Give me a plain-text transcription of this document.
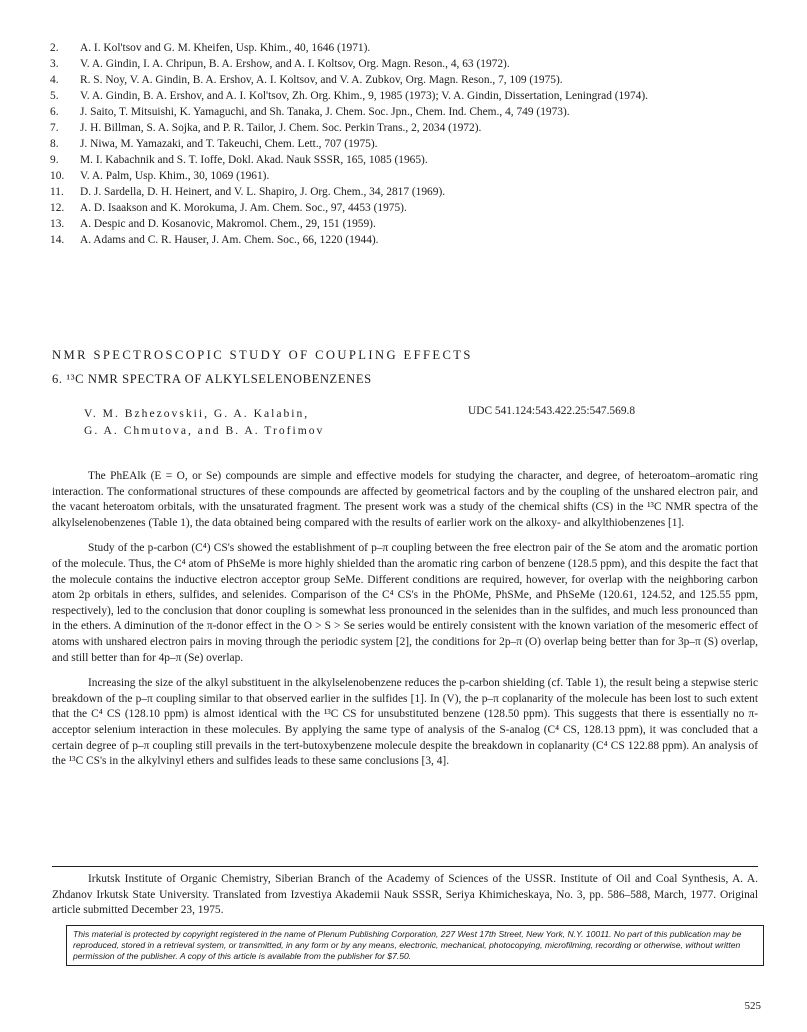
2.	A. I. Kol'tsov and G. M. Kheifen, Usp. Khim., 40, 1646 (1971).
3.	V. A. Gindin, I. A. Chripun, B. A. Ershow, and A. I. Koltsov, Org. Magn. Reson., 4, 63 (1972).
4.	R. S. Noy, V. A. Gindin, B. A. Ershov, A. I. Koltsov, and V. A. Zubkov, Org. Magn. Reson., 7, 109 (1975).
5.	V. A. Gindin, B. A. Ershov, and A. I. Kol'tsov, Zh. Org. Khim., 9, 1985 (1973); V. A. Gindin, Dissertation, Leningrad (1974).
6.	J. Saito, T. Mitsuishi, K. Yamaguchi, and Sh. Tanaka, J. Chem. Soc. Jpn., Chem. Ind. Chem., 4, 749 (1973).
7.	J. H. Billman, S. A. Sojka, and P. R. Tailor, J. Chem. Soc. Perkin Trans., 2, 2034 (1972).
8.	J. Niwa, M. Yamazaki, and T. Takeuchi, Chem. Lett., 707 (1975).
9.	M. I. Kabachnik and S. T. Ioffe, Dokl. Akad. Nauk SSSR, 165, 1085 (1965).
10.	V. A. Palm, Usp. Khim., 30, 1069 (1961).
11.	D. J. Sardella, D. H. Heinert, and V. L. Shapiro, J. Org. Chem., 34, 2817 (1969).
12.	A. D. Isaakson and K. Morokuma, J. Am. Chem. Soc., 97, 4453 (1975).
13.	A. Despic and D. Kosanovic, Makromol. Chem., 29, 151 (1959).
14.	A. Adams and C. R. Hauser, J. Am. Chem. Soc., 66, 1220 (1944).
NMR SPECTROSCOPIC STUDY OF COUPLING EFFECTS
6. ¹³C NMR SPECTRA OF ALKYLSELENOBENZENES
V. M. Bzhezovskii, G. A. Kalabin,
G. A. Chmutova, and B. A. Trofimov
UDC 541.124:543.422.25:547.569.8

The PhEAlk (E = O, or Se) compounds are simple and effective models for studying the character, and degree, of heteroatom–aromatic ring interaction. The conformational structures of these compounds are affected by geometrical factors and by the coupling of the unshared electron pair, and the vacant heteroatom orbitals, with the unsaturated fragment. The present work was a study of the chemical shifts (CS) in the ¹³C NMR spectra of the alkylselenobenzenes (Table 1), the data obtained being compared with the results of earlier work on the alkoxy- and alkylthiobenzenes [1].

Study of the p-carbon (C⁴) CS's showed the establishment of p–π coupling between the free electron pair of the Se atom and the aromatic portion of the molecule. Thus, the C⁴ atom of PhSeMe is more highly shielded than the aromatic ring carbon of benzene (128.5 ppm), and this despite the fact that the molecule contains the inductive electron acceptor group SeMe. Different conditions are required, however, for overlap with the neighboring carbon atom 2p orbitals in ethers, sulfides, and selenides. Comparison of the C⁴ CS's in the PhOMe, PhSMe, and PhSeMe (120.61, 124.52, and 125.55 ppm, respectively), led to the conclusion that donor coupling is somewhat less pronounced in the selenides than in the sulfides, and much less pronounced than in the ethers. A diminution of the π-donor effect in the O > S > Se series would be entirely consistent with the known variation of the mesomeric effect of atoms with unshared electron pairs in moving through the periodic system [2], the conditions for 2p–π (O) overlap being better than for 3p–π (S) overlap, and still better than for 4p–π (Se) overlap.

Increasing the size of the alkyl substituent in the alkylselenobenzene reduces the p-carbon shielding (cf. Table 1), the result being a stepwise steric breakdown of the p–π coupling similar to that observed earlier in the sulfides [1]. In (V), the p–π coplanarity of the molecule has been lost to such extent that the C⁴ CS (128.10 ppm) is almost identical with the ¹³C CS for unsubstituted benzene (128.50 ppm). This suggests that there is essentially no π-acceptor selenium interaction in these molecules. By applying the same type of analysis of the S-analog (C⁴ CS, 128.13 ppm), it was concluded that a certain degree of p–π coupling still prevails in the tert-butoxybenzene molecule despite the breakdown in coplanarity (C⁴ CS 122.88 ppm). An analysis of the ¹³C CS's in the alkylvinyl ethers and sulfides leads to these same conclusions [3, 4].

Irkutsk Institute of Organic Chemistry, Siberian Branch of the Academy of Sciences of the USSR. Institute of Oil and Coal Synthesis, A. A. Zhdanov Irkutsk State University. Translated from Izvestiya Akademii Nauk SSSR, Seriya Khimicheskaya, No. 3, pp. 586–588, March, 1977. Original article submitted December 23, 1975.
This material is protected by copyright registered in the name of Plenum Publishing Corporation, 227 West 17th Street, New York, N.Y. 10011. No part of this publication may be reproduced, stored in a retrieval system, or transmitted, in any form or by any means, electronic, mechanical, photocopying, microfilming, recording or otherwise, without written permission of the publisher. A copy of this article is available from the publisher for $7.50.
525
